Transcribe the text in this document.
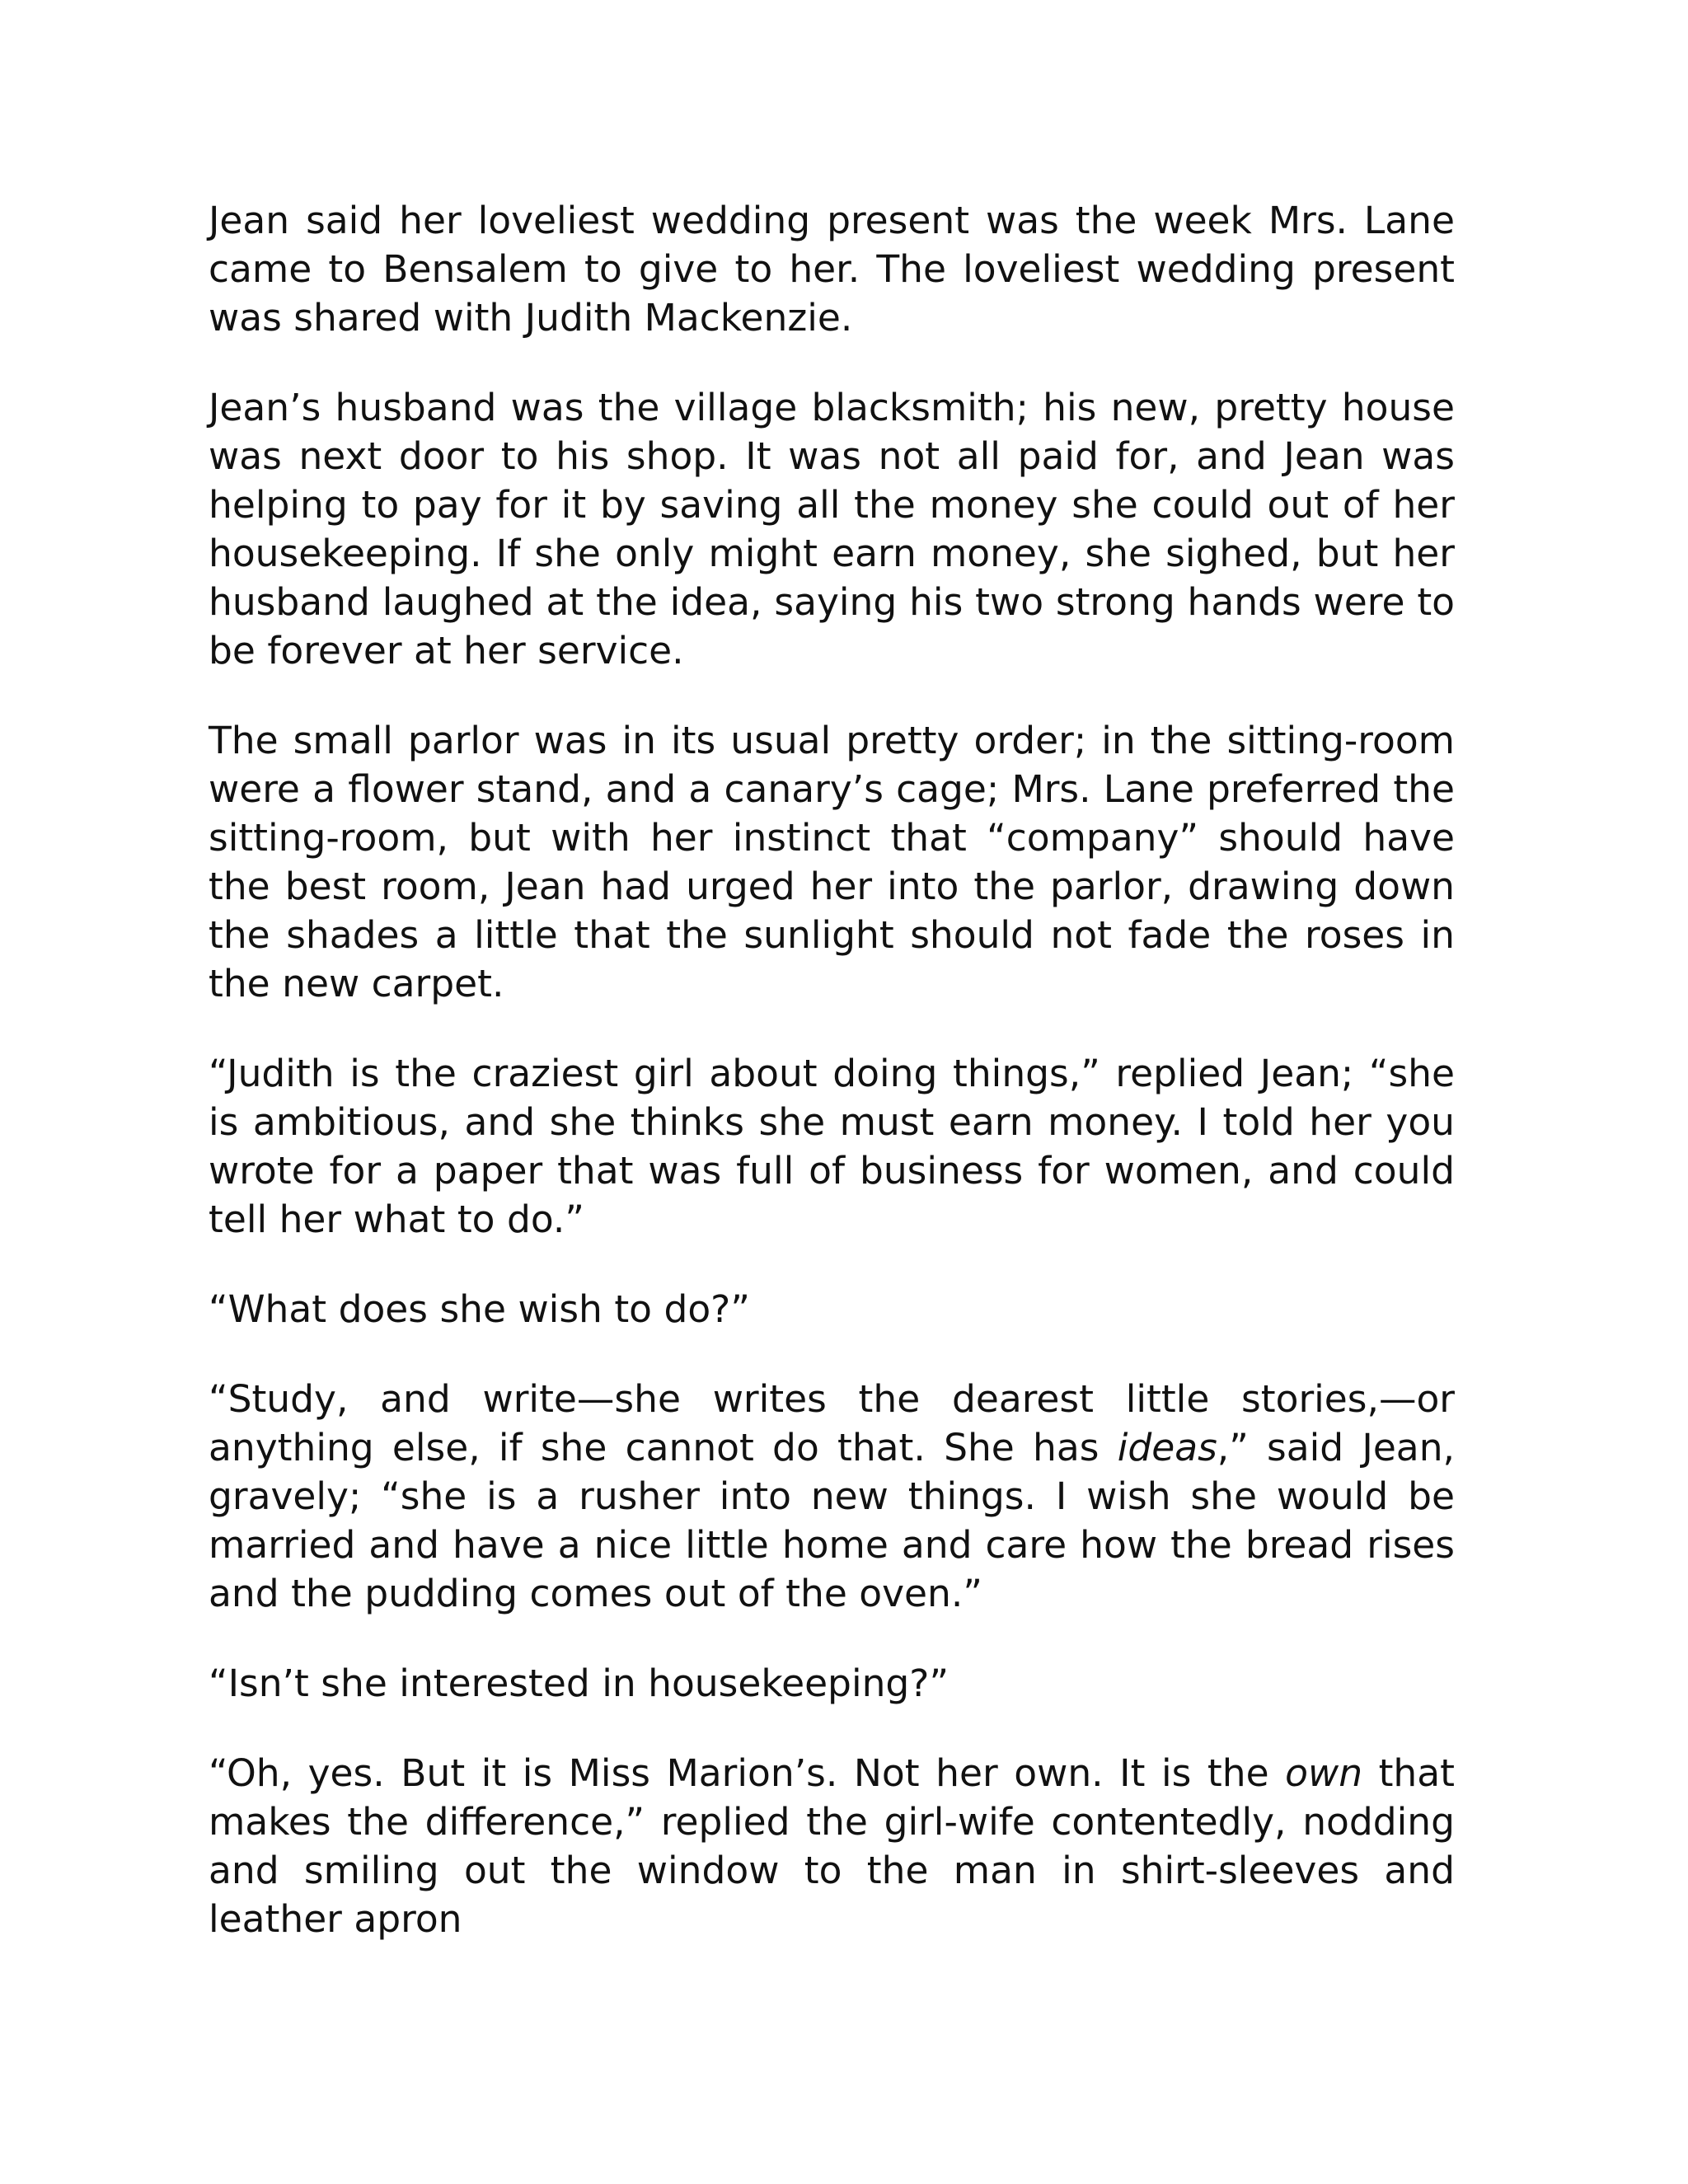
Jean said her loveliest wedding present was the week Mrs. Lane came to Bensalem to give to her. The loveliest wedding present was shared with Judith Mackenzie.

Jean’s husband was the village blacksmith; his new, pretty house was next door to his shop. It was not all paid for, and Jean was helping to pay for it by saving all the money she could out of her housekeeping. If she only might earn money, she sighed, but her husband laughed at the idea, saying his two strong hands were to be forever at her service.

The small parlor was in its usual pretty order; in the sitting-room were a flower stand, and a canary’s cage; Mrs. Lane preferred the sitting-room, but with her instinct that “company” should have the best room, Jean had urged her into the parlor, drawing down the shades a little that the sunlight should not fade the roses in the new carpet.

“Judith is the craziest girl about doing things,” replied Jean; “she is ambitious, and she thinks she must earn money. I told her you wrote for a paper that was full of business for women, and could tell her what to do.”

“What does she wish to do?”

“Study, and write—she writes the dearest little stories,—or anything else, if she cannot do that. She has ideas,” said Jean, gravely; “she is a rusher into new things. I wish she would be married and have a nice little home and care how the bread rises and the pudding comes out of the oven.”

“Isn’t she interested in housekeeping?”

“Oh, yes. But it is Miss Marion’s. Not her own. It is the own that makes the difference,” replied the girl-wife contentedly, nodding and smiling out the window to the man in shirt-sleeves and leather apron
